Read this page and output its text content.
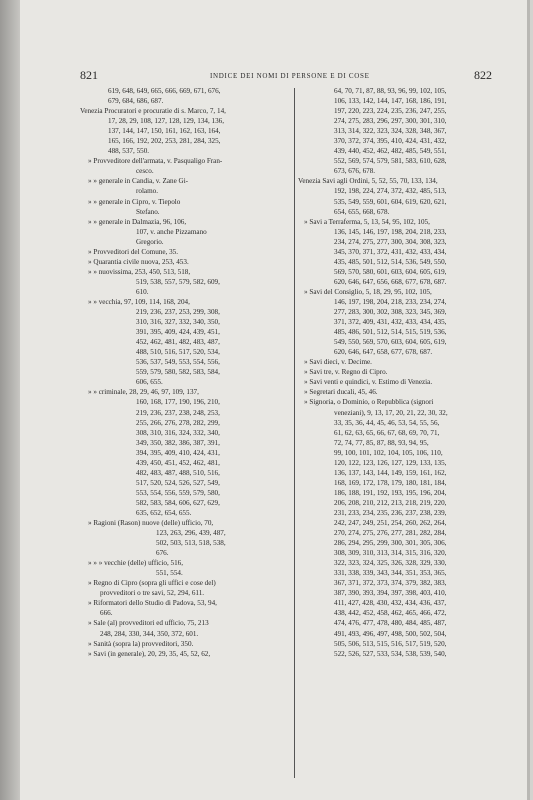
821	INDICE DEI NOMI DI PERSONE E DI COSE	822
619, 648, 649, 665, 666, 669, 671, 676,
679, 684, 686, 687.
Venezia Procuratori e procuratie di s. Marco, 7, 14,
17, 28, 29, 108, 127, 128, 129, 134, 136,
137, 144, 147, 150, 161, 162, 163, 164,
165, 166, 192, 202, 253, 281, 284, 325,
488, 537, 550.
» Provveditore dell'armata, v. Pasqualigo Fran-
cesco.
» » generale in Candia, v. Zane Gi-
rolamo.
» » generale in Cipro, v. Tiepolo
Stefano.
» » generale in Dalmazia, 96, 106,
107, v. anche Pizzamano
Gregorio.
» Provveditori del Comune, 35.
» Quarantia civile nuova, 253, 453.
» » nuovissima, 253, 450, 513, 518,
519, 538, 557, 579, 582, 609,
610.
» » vecchia, 97, 109, 114, 168, 204,
219, 236, 237, 253, 299, 308,
310, 316, 327, 332, 340, 350,
391, 395, 409, 424, 439, 451,
452, 462, 481, 482, 483, 487,
488, 510, 516, 517, 520, 534,
536, 537, 549, 553, 554, 556,
559, 579, 580, 582, 583, 584,
606, 655.
» » criminale, 28, 29, 46, 97, 109, 137,
160, 168, 177, 190, 196, 210,
219, 236, 237, 238, 248, 253,
255, 266, 276, 278, 282, 299,
308, 310, 316, 324, 332, 340,
349, 350, 382, 386, 387, 391,
394, 395, 409, 410, 424, 431,
439, 450, 451, 452, 462, 481,
482, 483, 487, 488, 510, 516,
517, 520, 524, 526, 527, 549,
553, 554, 556, 559, 579, 580,
582, 583, 584, 606, 627, 629,
635, 652, 654, 655.
» Ragioni (Rason) nuove (delle) ufficio, 70,
123, 263, 296, 439, 487,
502, 503, 513, 518, 538,
676.
» » » vecchie (delle) ufficio, 516,
551, 554.
» Regno di Cipro (sopra gli uffici e cose del)
provveditori o tre savi, 52, 294, 611.
» Riformatori dello Studio di Padova, 53, 94,
666.
» Sale (al) provveditori ed ufficio, 75, 213
248, 284, 330, 344, 350, 372, 601.
» Sanità (sopra la) provveditori, 350.
» Savi (in generale), 20, 29, 35, 45, 52, 62,
64, 70, 71, 87, 88, 93, 96, 99, 102, 105,
106, 133, 142, 144, 147, 168, 186, 191,
197, 220, 223, 224, 235, 236, 247, 255,
274, 275, 283, 296, 297, 300, 301, 310,
313, 314, 322, 323, 324, 328, 348, 367,
370, 372, 374, 395, 410, 424, 431, 432,
439, 440, 452, 462, 482, 485, 549, 551,
552, 569, 574, 579, 581, 583, 610, 628,
673, 676, 678.
Venezia Savi agli Ordini, 5, 52, 55, 70, 133, 134,
192, 198, 224, 274, 372, 432, 485, 513,
535, 549, 559, 601, 604, 619, 620, 621,
654, 655, 668, 678.
» Savi a Terraferma, 5, 13, 54, 95, 102, 105,
136, 145, 146, 197, 198, 204, 218, 233,
234, 274, 275, 277, 300, 304, 308, 323,
345, 370, 371, 372, 431, 432, 433, 434,
435, 485, 501, 512, 514, 536, 549, 550,
569, 570, 580, 601, 603, 604, 605, 619,
620, 646, 647, 656, 668, 677, 678, 687.
» Savi del Consiglio, 5, 18, 29, 95, 102, 105,
146, 197, 198, 204, 218, 233, 234, 274,
277, 283, 300, 302, 308, 323, 345, 369,
371, 372, 409, 431, 432, 433, 434, 435,
485, 486, 501, 512, 514, 515, 519, 536,
549, 550, 569, 570, 603, 604, 605, 619,
620, 646, 647, 658, 677, 678, 687.
» Savi dieci, v. Decime.
» Savi tre, v. Regno di Cipro.
» Savi venti e quindici, v. Estimo di Venezia.
» Segretari ducali, 45, 46.
» Signoria, o Dominio, o Repubblica (signori
veneziani), 9, 13, 17, 20, 21, 22, 30, 32,
33, 35, 36, 44, 45, 46, 53, 54, 55, 56,
61, 62, 63, 65, 66, 67, 68, 69, 70, 71,
72, 74, 77, 85, 87, 88, 93, 94, 95,
99, 100, 101, 102, 104, 105, 106, 110,
120, 122, 123, 126, 127, 129, 133, 135,
136, 137, 143, 144, 149, 159, 161, 162,
168, 169, 172, 178, 179, 180, 181, 184,
186, 188, 191, 192, 193, 195, 196, 204,
206, 208, 210, 212, 213, 218, 219, 220,
231, 233, 234, 235, 236, 237, 238, 239,
242, 247, 249, 251, 254, 260, 262, 264,
270, 274, 275, 276, 277, 281, 282, 284,
286, 294, 295, 299, 300, 301, 305, 306,
308, 309, 310, 313, 314, 315, 316, 320,
322, 323, 324, 325, 326, 328, 329, 330,
331, 338, 339, 343, 344, 351, 353, 365,
367, 371, 372, 373, 374, 379, 382, 383,
387, 390, 393, 394, 397, 398, 403, 410,
411, 427, 428, 430, 432, 434, 436, 437,
438, 442, 452, 458, 462, 465, 466, 472,
474, 476, 477, 478, 480, 484, 485, 487,
491, 493, 496, 497, 498, 500, 502, 504,
505, 506, 513, 515, 516, 517, 519, 520,
522, 526, 527, 533, 534, 538, 539, 540,
